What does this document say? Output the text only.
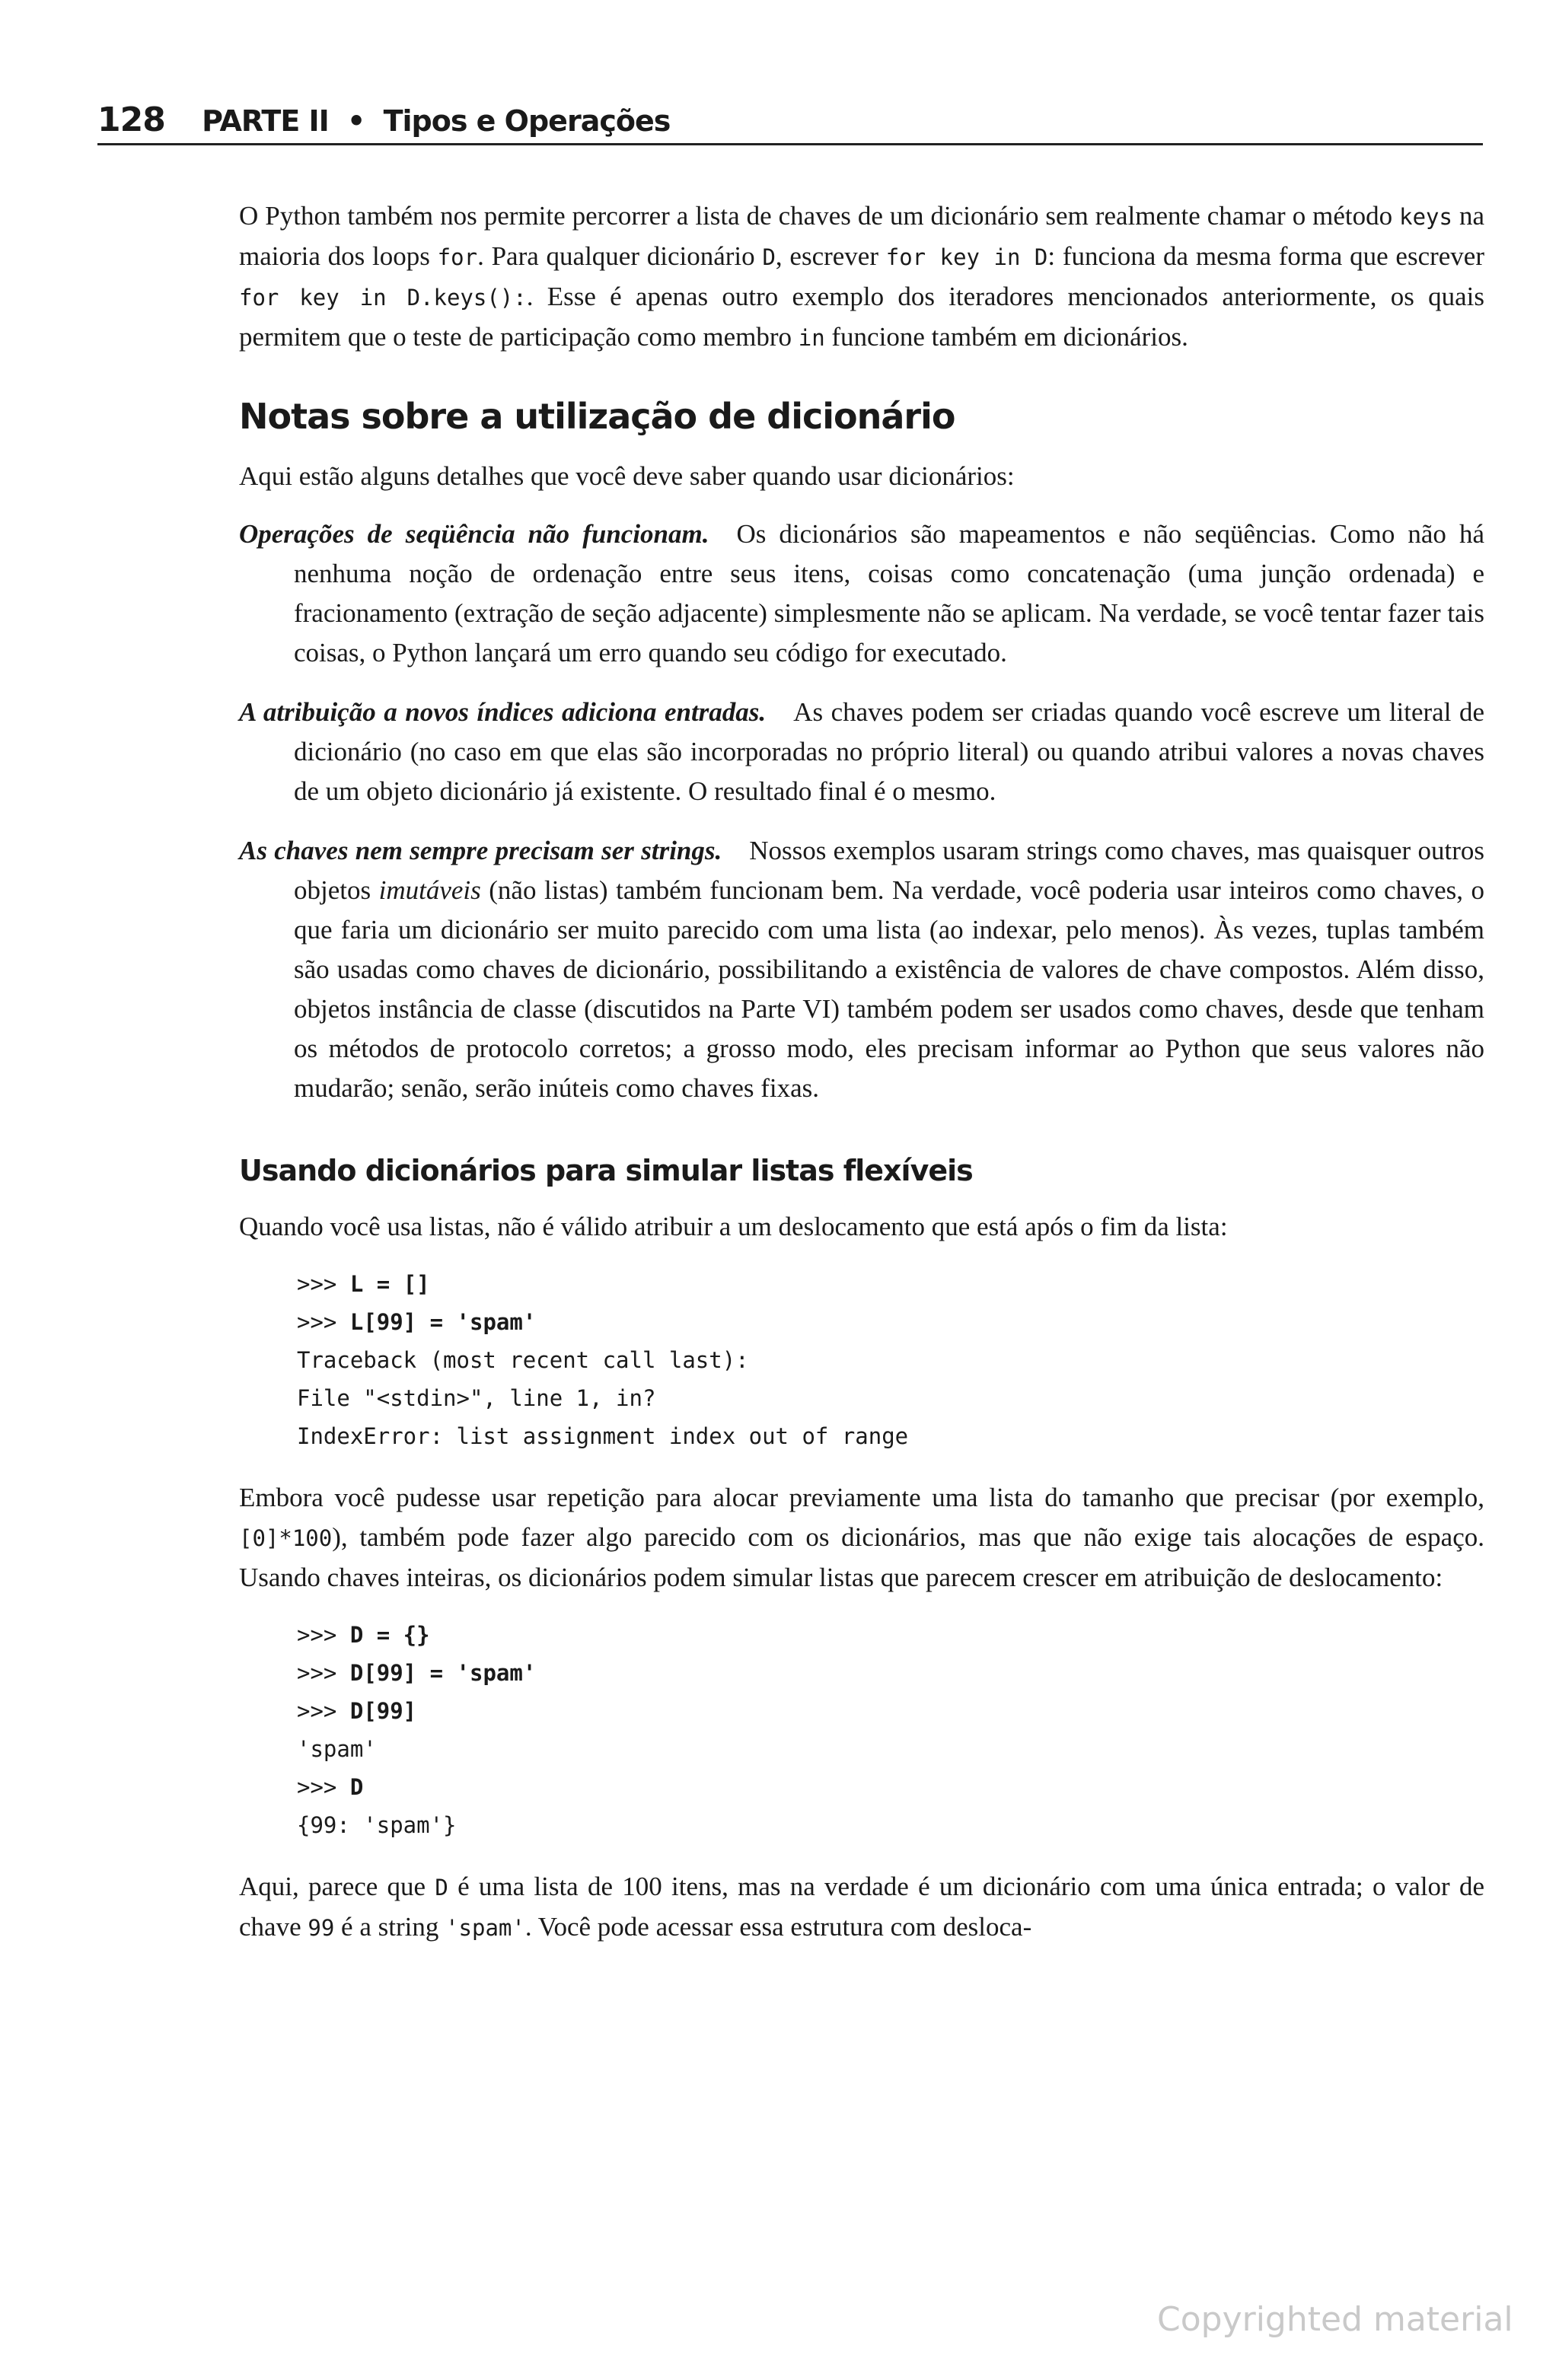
128 PARTE II • Tipos e Operações

O Python também nos permite percorrer a lista de chaves de um dicionário sem realmente chamar o método keys na maioria dos loops for. Para qualquer dicionário D, escrever for key in D: funciona da mesma forma que escrever for key in D.keys():. Esse é apenas outro exemplo dos iteradores mencionados anteriormente, os quais permitem que o teste de participação como membro in funcione também em dicionários.

Notas sobre a utilização de dicionário

Aqui estão alguns detalhes que você deve saber quando usar dicionários:

Operações de seqüência não funcionam. Os dicionários são mapeamentos e não seqüências. Como não há nenhuma noção de ordenação entre seus itens, coisas como concatenação (uma junção ordenada) e fracionamento (extração de seção adjacente) simplesmente não se aplicam. Na verdade, se você tentar fazer tais coisas, o Python lançará um erro quando seu código for executado.

A atribuição a novos índices adiciona entradas. As chaves podem ser criadas quando você escreve um literal de dicionário (no caso em que elas são incorporadas no próprio literal) ou quando atribui valores a novas chaves de um objeto dicionário já existente. O resultado final é o mesmo.

As chaves nem sempre precisam ser strings. Nossos exemplos usaram strings como chaves, mas quaisquer outros objetos imutáveis (não listas) também funcionam bem. Na verdade, você poderia usar inteiros como chaves, o que faria um dicionário ser muito parecido com uma lista (ao indexar, pelo menos). Às vezes, tuplas também são usadas como chaves de dicionário, possibilitando a existência de valores de chave compostos. Além disso, objetos instância de classe (discutidos na Parte VI) também podem ser usados como chaves, desde que tenham os métodos de protocolo corretos; a grosso modo, eles precisam informar ao Python que seus valores não mudarão; senão, serão inúteis como chaves fixas.

Usando dicionários para simular listas flexíveis

Quando você usa listas, não é válido atribuir a um deslocamento que está após o fim da lista:

>>> L = []
>>> L[99] = 'spam'
Traceback (most recent call last):
File "<stdin>", line 1, in?
IndexError: list assignment index out of range

Embora você pudesse usar repetição para alocar previamente uma lista do tamanho que precisar (por exemplo, [0]*100), também pode fazer algo parecido com os dicionários, mas que não exige tais alocações de espaço. Usando chaves inteiras, os dicionários podem simular listas que parecem crescer em atribuição de deslocamento:

>>> D = {}
>>> D[99] = 'spam'
>>> D[99]
'spam'
>>> D
{99: 'spam'}

Aqui, parece que D é uma lista de 100 itens, mas na verdade é um dicionário com uma única entrada; o valor de chave 99 é a string 'spam'. Você pode acessar essa estrutura com desloca-

Copyrighted material
